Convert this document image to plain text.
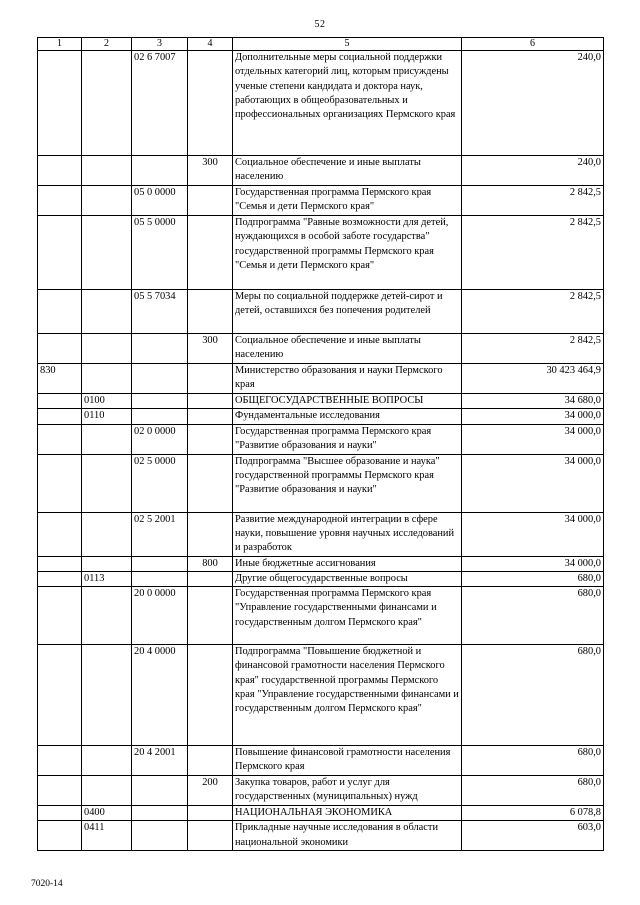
52
1	2	3	4	5	6
		02 6 7007		Дополнительные меры социальной поддержки отдельных категорий лиц, которым присуждены ученые степени кандидата и доктора наук, работающих в общеобразовательных и профессиональных организациях Пермского края	240,0
			300	Социальное обеспечение и иные выплаты населению	240,0
		05 0 0000		Государственная программа Пермского края "Семья и дети Пермского края"	2 842,5
		05 5 0000		Подпрограмма "Равные возможности для детей, нуждающихся в особой заботе государства" государственной программы Пермского края "Семья и дети Пермского края"	2 842,5
		05 5 7034		Меры по социальной поддержке детей-сирот и детей, оставшихся без попечения родителей	2 842,5
			300	Социальное обеспечение и иные выплаты населению	2 842,5
830				Министерство образования и науки Пермского края	30 423 464,9
	0100			ОБЩЕГОСУДАРСТВЕННЫЕ ВОПРОСЫ	34 680,0
	0110			Фундаментальные исследования	34 000,0
		02 0 0000		Государственная программа Пермского края "Развитие образования и науки"	34 000,0
		02 5 0000		Подпрограмма "Высшее образование и наука" государственной программы Пермского края "Развитие образования и науки"	34 000,0
		02 5 2001		Развитие международной интеграции в сфере науки, повышение уровня научных исследований и разработок	34 000,0
			800	Иные бюджетные ассигнования	34 000,0
	0113			Другие общегосударственные вопросы	680,0
		20 0 0000		Государственная программа Пермского края "Управление государственными финансами и государственным долгом Пермского края"	680,0
		20 4 0000		Подпрограмма "Повышение бюджетной и финансовой грамотности населения Пермского края" государственной программы Пермского края "Управление государственными финансами и государственным долгом Пермского края"	680,0
		20 4 2001		Повышение финансовой грамотности населения Пермского края	680,0
			200	Закупка товаров, работ и услуг для государственных (муниципальных) нужд	680,0
	0400			НАЦИОНАЛЬНАЯ ЭКОНОМИКА	6 078,8
	0411			Прикладные научные исследования в области национальной экономики	603,0
7020-14
